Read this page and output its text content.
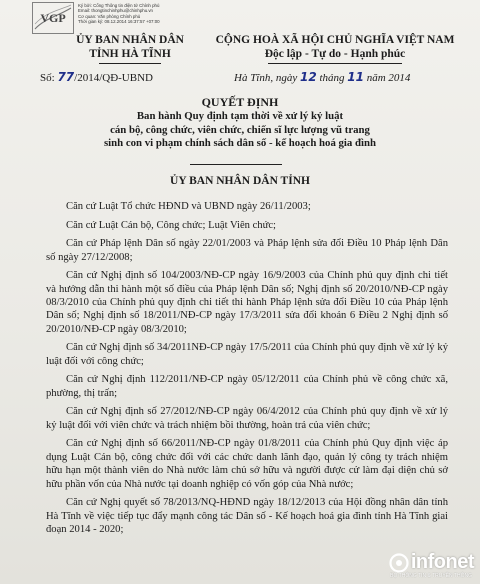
VGP
Ký bởi: Cổng Thông tin điện tử Chính phủ
Email: thongtinchinhphu@chinhphu.vn
Cơ quan: Văn phòng Chính phủ
Thời gian ký: 08.12.2014 16:37:57 +07:00
ỦY BAN NHÂN DÂN
TỈNH HÀ TĨNH
CỘNG HOÀ XÃ HỘI CHỦ NGHĨA VIỆT NAM
Độc lập - Tự do - Hạnh phúc
Số: 77/2014/QĐ-UBND	Hà Tĩnh, ngày 12 tháng 11 năm 2014
QUYẾT ĐỊNH
Ban hành Quy định tạm thời về xử lý kỷ luật
cán bộ, công chức, viên chức, chiến sĩ lực lượng vũ trang
sinh con vi phạm chính sách dân số - kế hoạch hoá gia đình
ỦY BAN NHÂN DÂN TỈNH

Căn cứ Luật Tổ chức HĐND và UBND ngày 26/11/2003;

Căn cứ Luật Cán bộ, Công chức; Luật Viên chức;

Căn cứ Pháp lệnh Dân số ngày 22/01/2003 và Pháp lệnh sửa đổi Điều 10 Pháp lệnh Dân số ngày 27/12/2008;

Căn cứ Nghị định số 104/2003/NĐ-CP ngày 16/9/2003 của Chính phủ quy định chi tiết và hướng dẫn thi hành một số điều của Pháp lệnh Dân số; Nghị định số 20/2010/NĐ-CP ngày 08/3/2010 của Chính phủ quy định chi tiết thi hành Pháp lệnh sửa đổi Điều 10 của Pháp lệnh Dân số; Nghị định số 18/2011/NĐ-CP ngày 17/3/2011 sửa đổi khoản 6 Điều 2 Nghị định số 20/2010/NĐ-CP ngày 08/3/2010;

Căn cứ Nghị định số 34/2011NĐ-CP ngày 17/5/2011 của Chính phủ quy định về xử lý kỷ luật đối với công chức;

Căn cứ Nghị định 112/2011/NĐ-CP ngày 05/12/2011 của Chính phủ về công chức xã, phường, thị trấn;

Căn cứ Nghị định số 27/2012/NĐ-CP ngày 06/4/2012 của Chính phủ quy định về xử lý kỷ luật đối với viên chức và trách nhiệm bồi thường, hoàn trả của viên chức;

Căn cứ Nghị định số 66/2011/NĐ-CP ngày 01/8/2011 của Chính phủ Quy định việc áp dụng Luật Cán bộ, công chức đối với các chức danh lãnh đạo, quản lý công ty trách nhiệm hữu hạn một thành viên do Nhà nước làm chủ sở hữu và người được cử làm đại diện chủ sở hữu phần vốn của Nhà nước tại doanh nghiệp có vốn góp của Nhà nước;

Căn cứ Nghị quyết số 78/2013/NQ-HĐND ngày 18/12/2013 của Hội đồng nhân dân tỉnh Hà Tĩnh về việc tiếp tục đẩy mạnh công tác Dân số - Kế hoạch hoá gia đình tỉnh Hà Tĩnh giai đoạn 2014 - 2020;

infonet
BỘ THÔNG TIN & TRUYỀN THÔNG
